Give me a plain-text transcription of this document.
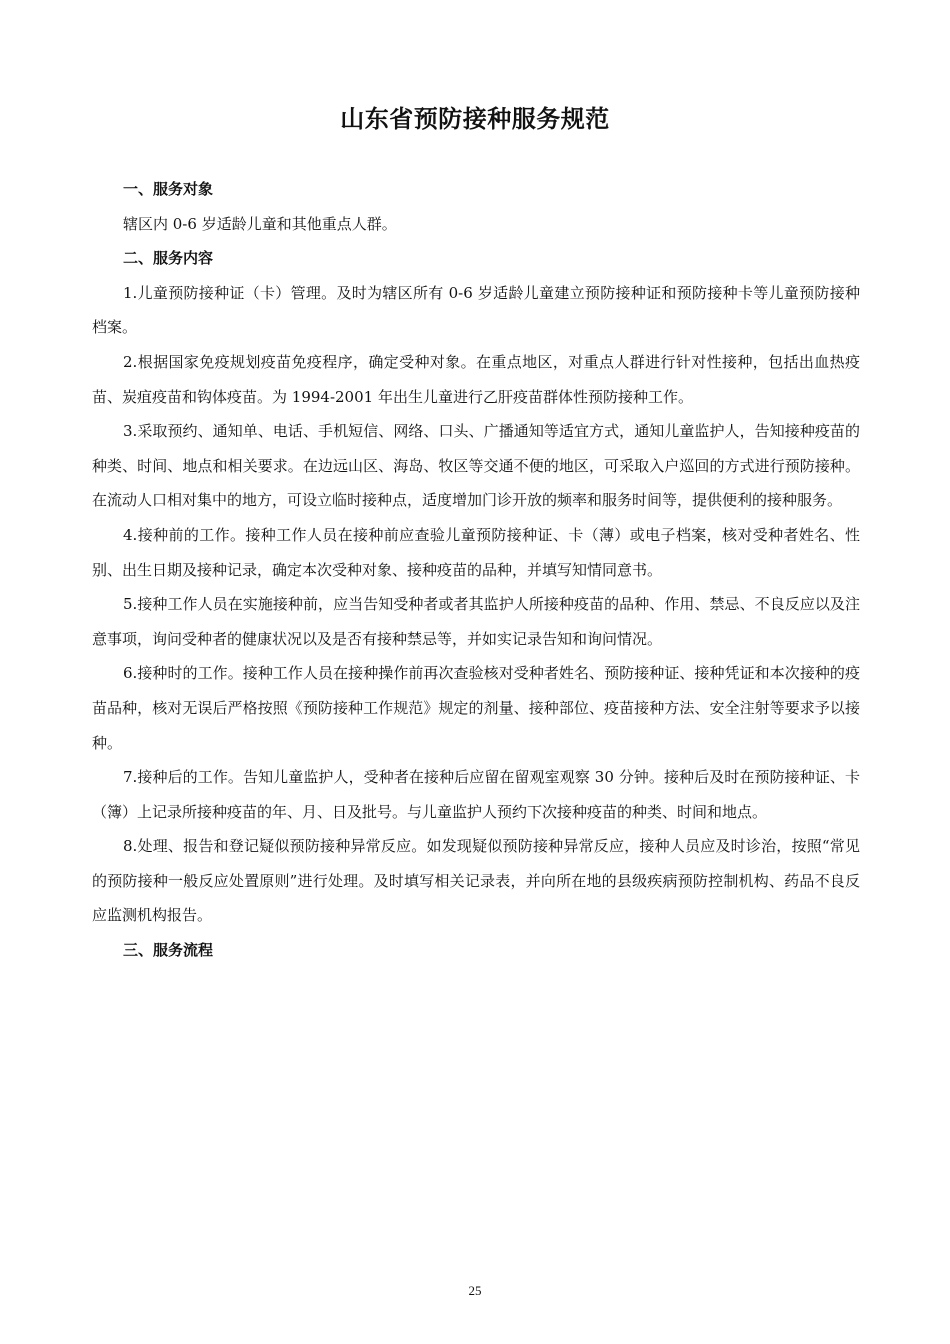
山东省预防接种服务规范
一、服务对象

辖区内 0-6 岁适龄儿童和其他重点人群。

二、服务内容

1.儿童预防接种证（卡）管理。及时为辖区所有 0-6 岁适龄儿童建立预防接种证和预防接种卡等儿童预防接种档案。

2.根据国家免疫规划疫苗免疫程序，确定受种对象。在重点地区，对重点人群进行针对性接种，包括出血热疫苗、炭疽疫苗和钩体疫苗。为 1994-2001 年出生儿童进行乙肝疫苗群体性预防接种工作。

3.采取预约、通知单、电话、手机短信、网络、口头、广播通知等适宜方式，通知儿童监护人，告知接种疫苗的种类、时间、地点和相关要求。在边远山区、海岛、牧区等交通不便的地区，可采取入户巡回的方式进行预防接种。在流动人口相对集中的地方，可设立临时接种点，适度增加门诊开放的频率和服务时间等，提供便利的接种服务。

4.接种前的工作。接种工作人员在接种前应查验儿童预防接种证、卡（薄）或电子档案，核对受种者姓名、性别、出生日期及接种记录，确定本次受种对象、接种疫苗的品种，并填写知情同意书。

5.接种工作人员在实施接种前，应当告知受种者或者其监护人所接种疫苗的品种、作用、禁忌、不良反应以及注意事项，询问受种者的健康状况以及是否有接种禁忌等，并如实记录告知和询问情况。

6.接种时的工作。接种工作人员在接种操作前再次查验核对受种者姓名、预防接种证、接种凭证和本次接种的疫苗品种，核对无误后严格按照《预防接种工作规范》规定的剂量、接种部位、疫苗接种方法、安全注射等要求予以接种。

7.接种后的工作。告知儿童监护人，受种者在接种后应留在留观室观察 30 分钟。接种后及时在预防接种证、卡（簿）上记录所接种疫苗的年、月、日及批号。与儿童监护人预约下次接种疫苗的种类、时间和地点。

8.处理、报告和登记疑似预防接种异常反应。如发现疑似预防接种异常反应，接种人员应及时诊治，按照“常见的预防接种一般反应处置原则”进行处理。及时填写相关记录表，并向所在地的县级疾病预防控制机构、药品不良反应监测机构报告。

三、服务流程
25
